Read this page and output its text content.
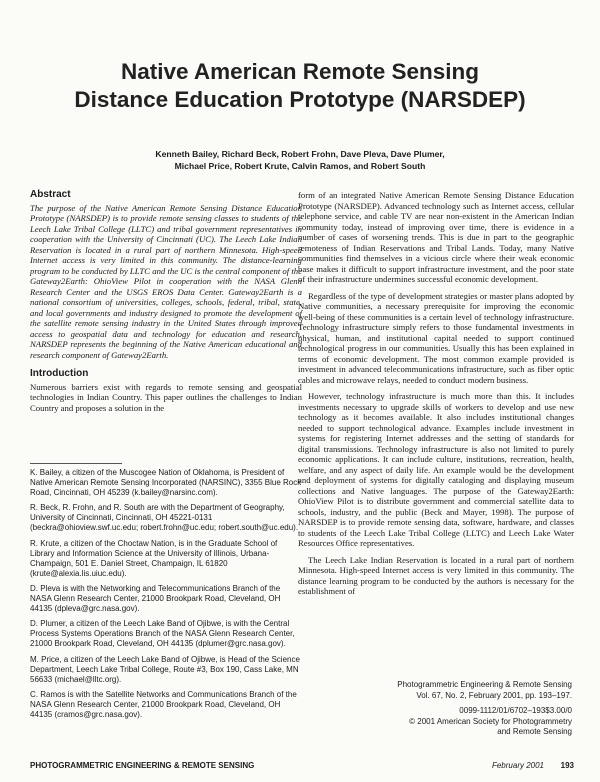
Native American Remote Sensing
Distance Education Prototype (NARSDEP)
Kenneth Bailey, Richard Beck, Robert Frohn, Dave Pleva, Dave Plumer,
Michael Price, Robert Krute, Calvin Ramos, and Robert South
Abstract

The purpose of the Native American Remote Sensing Distance Education Prototype (NARSDEP) is to provide remote sensing classes to students of the Leech Lake Tribal College (LLTC) and tribal government representatives in cooperation with the University of Cincinnati (UC). The Leech Lake Indian Reservation is located in a rural part of northern Minnesota. High-speed Internet access is very limited in this community. The distance-learning program to be conducted by LLTC and the UC is the central component of the Gateway2Earth: OhioView Pilot in cooperation with the NASA Glenn Research Center and the USGS EROS Data Center. Gateway2Earth is a national consortium of universities, colleges, schools, federal, tribal, state, and local governments and industry designed to promote the development of the satellite remote sensing industry in the United States through improved access to geospatial data and technology for education and research. NARSDEP represents the beginning of the Native American educational and research component of Gateway2Earth.

Introduction

Numerous barriers exist with regards to remote sensing and geospatial technologies in Indian Country. This paper outlines the challenges to Indian Country and proposes a solution in the

K. Bailey, a citizen of the Muscogee Nation of Oklahoma, is President of Native American Remote Sensing Incorporated (NARSINC), 3355 Blue Rock Road, Cincinnati, OH 45239 (k.bailey@narsinc.com).

R. Beck, R. Frohn, and R. South are with the Department of Geography, University of Cincinnati, Cincinnati, OH 45221-0131 (beckra@ohioview.swf.uc.edu; robert.frohn@uc.edu; robert.south@uc.edu).

R. Krute, a citizen of the Choctaw Nation, is in the Graduate School of Library and Information Science at the University of Illinois, Urbana-Champaign, 501 E. Daniel Street, Champaign, IL 61820 (krute@alexia.lis.uiuc.edu).

D. Pleva is with the Networking and Telecommunications Branch of the NASA Glenn Research Center, 21000 Brookpark Road, Cleveland, OH 44135 (dpleva@grc.nasa.gov).

D. Plumer, a citizen of the Leech Lake Band of Ojibwe, is with the Central Process Systems Operations Branch of the NASA Glenn Research Center, 21000 Brookpark Road, Cleveland, OH 44135 (dplumer@grc.nasa.gov).

M. Price, a citizen of the Leech Lake Band of Ojibwe, is Head of the Science Department, Leech Lake Tribal College, Route #3, Box 190, Cass Lake, MN 56633 (michael@lltc.org).

C. Ramos is with the Satellite Networks and Communications Branch of the NASA Glenn Research Center, 21000 Brookpark Road, Cleveland, OH 44135 (cramos@grc.nasa.gov).

form of an integrated Native American Remote Sensing Distance Education Prototype (NARSDEP). Advanced technology such as Internet access, cellular telephone service, and cable TV are near non-existent in the American Indian community today, instead of improving over time, there is evidence in a number of cases of worsening trends. This is due in part to the geographic remoteness of Indian Reservations and Tribal Lands. Today, many Native communities find themselves in a vicious circle where their weak economic base makes it difficult to support infrastructure investment, and the poor state of their infrastructure undermines successful economic development.

Regardless of the type of development strategies or master plans adopted by Native communities, a necessary prerequisite for improving the economic well-being of these communities is a certain level of technology infrastructure. Technology infrastructure simply refers to those fundamental investments in physical, human, and institutional capital needed to support continued technological progress in our communities. Usually this has been explained in terms of economic development. The most common example provided is investment in advanced telecommunications infrastructure, such as fiber optic cables and microwave relays, needed to conduct modern business.

However, technology infrastructure is much more than this. It includes investments necessary to upgrade skills of workers to develop and use new technology as it becomes available. It also includes institutional changes needed to support technological advance. Examples include investment in systems for registering Internet addresses and the setting of standards for digital transmissions. Technology infrastructure is also not limited to purely economic applications. It can include culture, institutions, recreation, health, welfare, and any aspect of daily life. An example would be the development and deployment of systems for digitally cataloging and displaying museum collections and Native languages. The purpose of the Gateway2Earth: OhioView Pilot is to distribute government and commercial satellite data to schools, industry, and the public (Beck and Mayer, 1998). The purpose of NARSDEP is to provide remote sensing data, software, hardware, and classes to students of the Leech Lake Tribal College (LLTC) and Leech Lake Water Resources Office representatives.

The Leech Lake Indian Reservation is located in a rural part of northern Minnesota. High-speed Internet access is very limited in this community. The distance learning program to be conducted by the authors is necessary for the establishment of

Photogrammetric Engineering & Remote Sensing

Vol. 67, No. 2, February 2001, pp. 193–197.

0099-1112/01/6702–193$3.00/0

© 2001 American Society for Photogrammetry

and Remote Sensing

PHOTOGRAMMETRIC ENGINEERING & REMOTE SENSING	February 2001 193
